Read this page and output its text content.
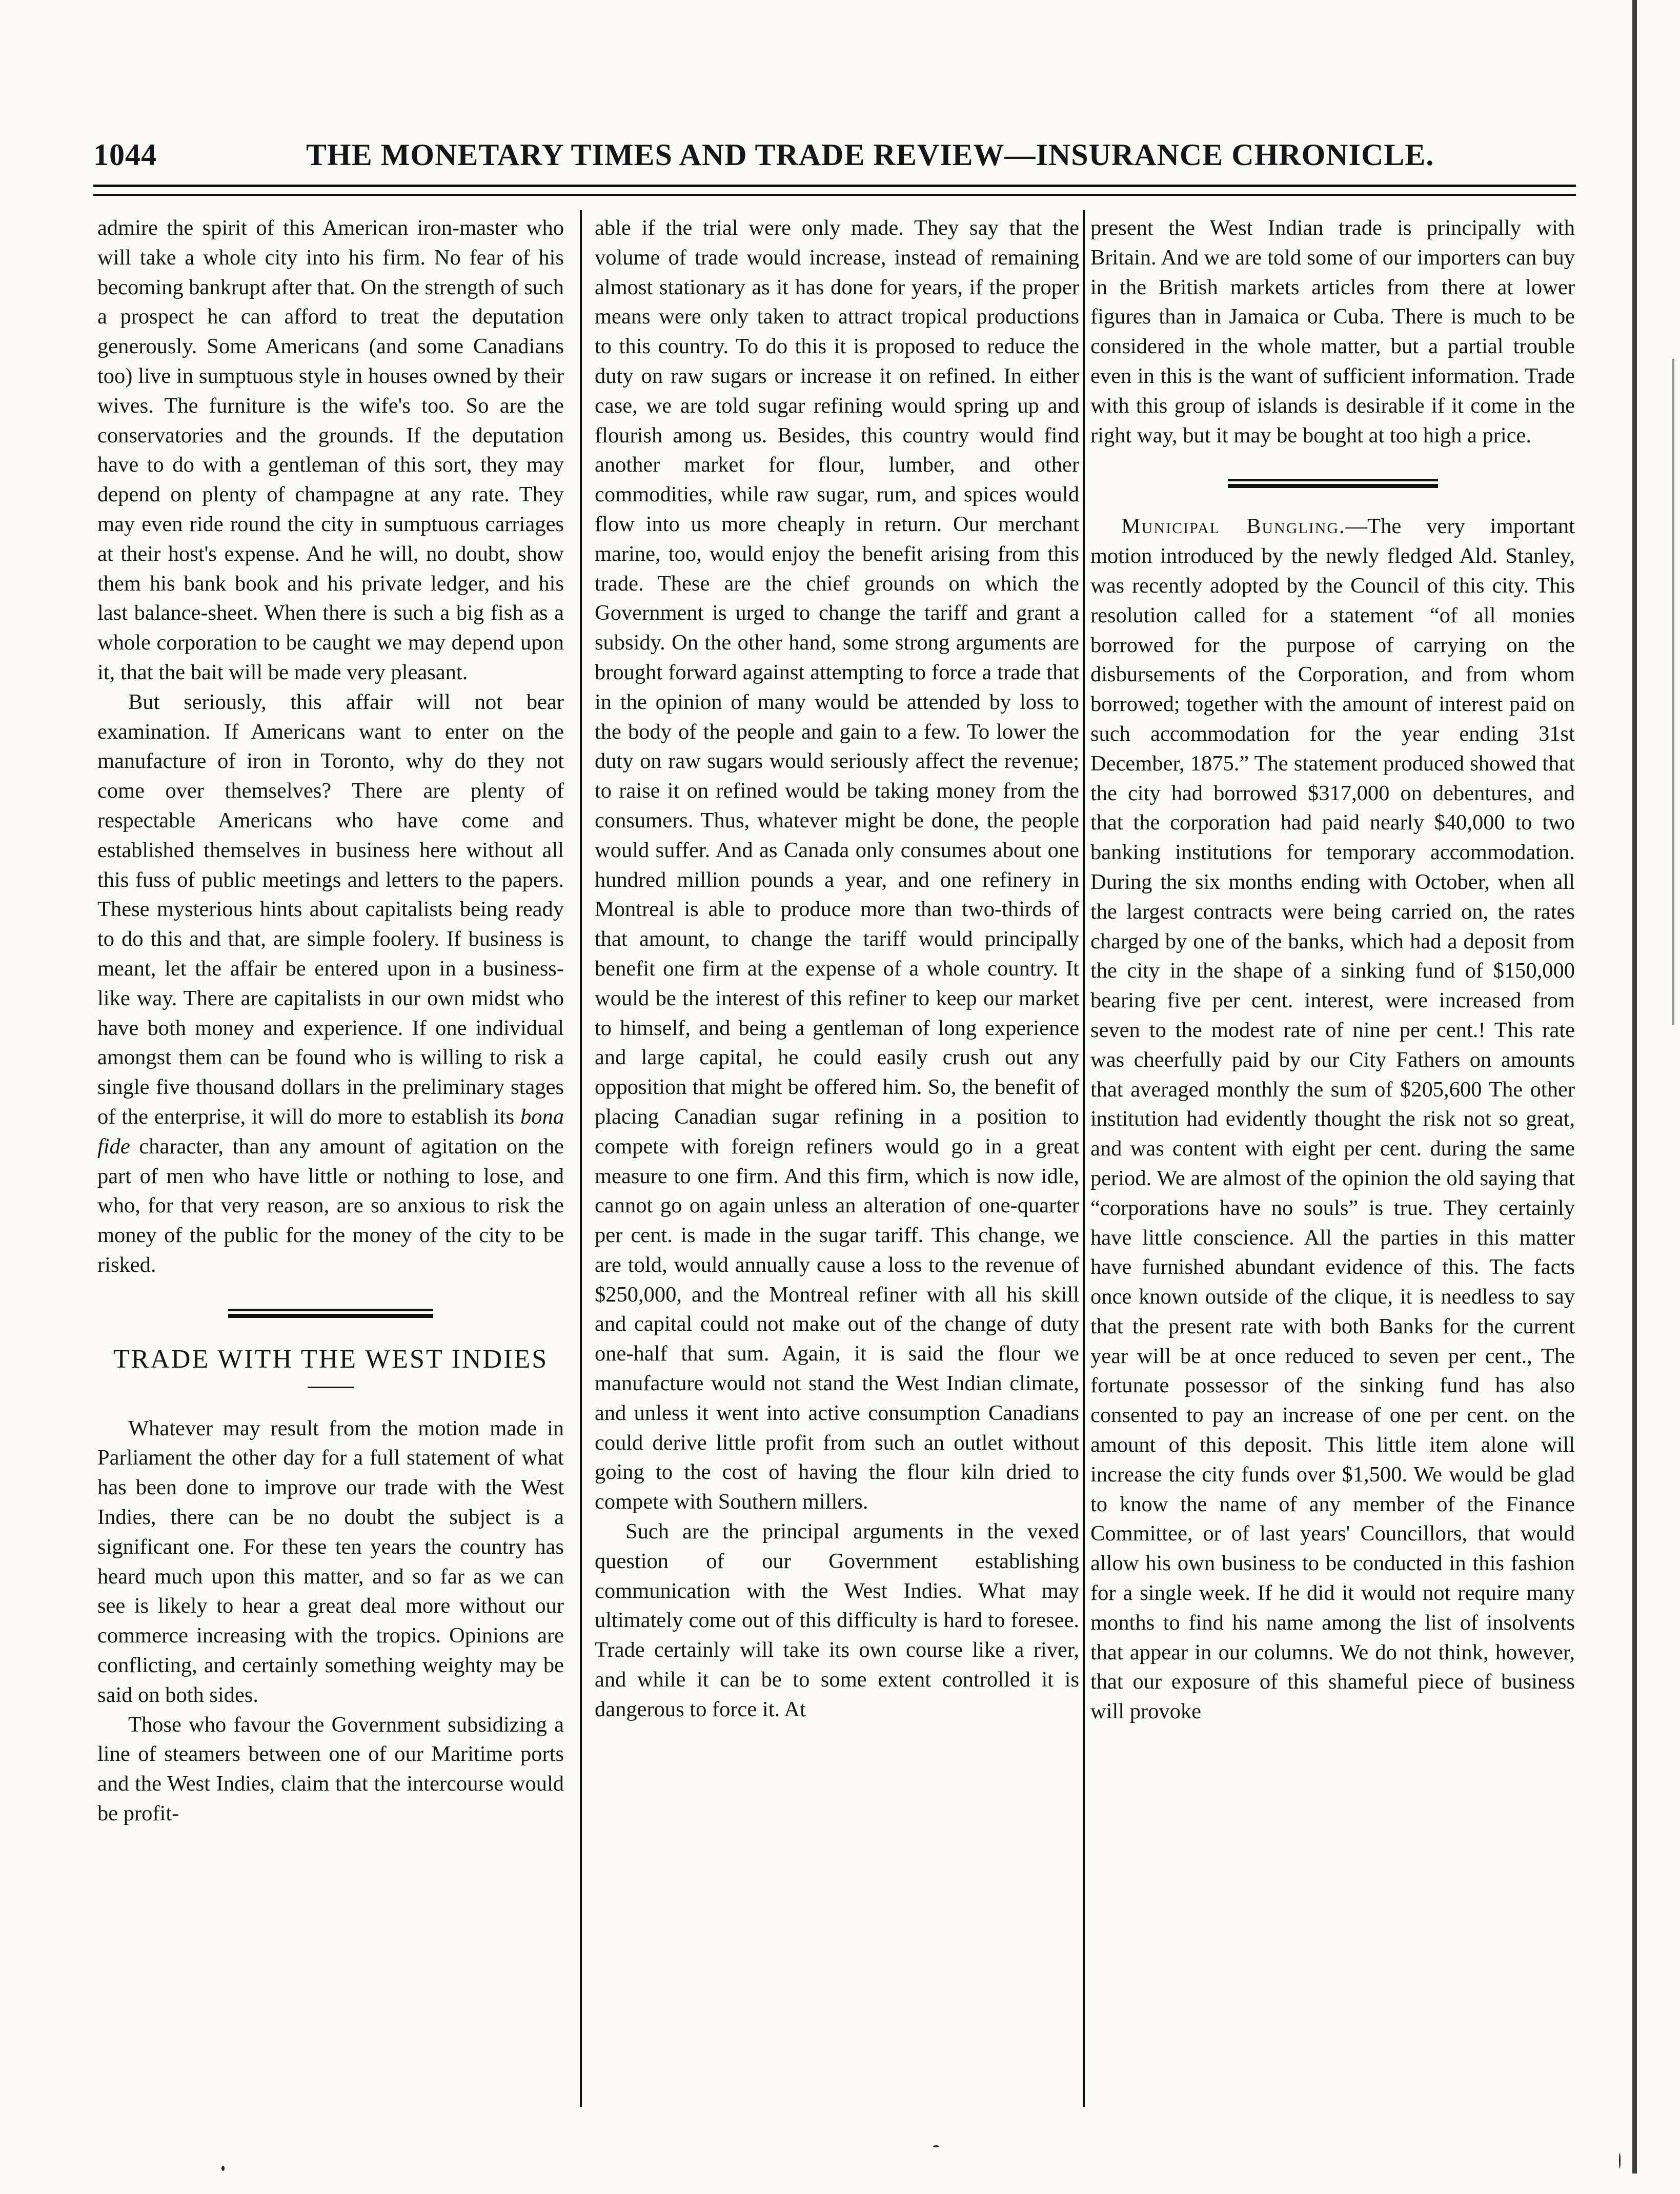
1044	THE MONETARY TIMES AND TRADE REVIEW—INSURANCE CHRONICLE.

admire the spirit of this American iron-master who will take a whole city into his firm. No fear of his becoming bankrupt after that. On the strength of such a prospect he can afford to treat the deputation generously. Some Americans (and some Canadians too) live in sumptuous style in houses owned by their wives. The furniture is the wife's too. So are the conservatories and the grounds. If the deputation have to do with a gentleman of this sort, they may depend on plenty of champagne at any rate. They may even ride round the city in sumptuous carriages at their host's expense. And he will, no doubt, show them his bank book and his private ledger, and his last balance-sheet. When there is such a big fish as a whole corporation to be caught we may depend upon it, that the bait will be made very pleasant.

But seriously, this affair will not bear examination. If Americans want to enter on the manufacture of iron in Toronto, why do they not come over themselves? There are plenty of respectable Americans who have come and established themselves in business here without all this fuss of public meetings and letters to the papers. These mysterious hints about capitalists being ready to do this and that, are simple foolery. If business is meant, let the affair be entered upon in a business-like way. There are capitalists in our own midst who have both money and experience. If one individual amongst them can be found who is willing to risk a single five thousand dollars in the preliminary stages of the enterprise, it will do more to establish its bona fide character, than any amount of agitation on the part of men who have little or nothing to lose, and who, for that very reason, are so anxious to risk the money of the public for the money of the city to be risked.

TRADE WITH THE WEST INDIES

Whatever may result from the motion made in Parliament the other day for a full statement of what has been done to improve our trade with the West Indies, there can be no doubt the subject is a significant one. For these ten years the country has heard much upon this matter, and so far as we can see is likely to hear a great deal more without our commerce increasing with the tropics. Opinions are conflicting, and certainly something weighty may be said on both sides.

Those who favour the Government subsidizing a line of steamers between one of our Maritime ports and the West Indies, claim that the intercourse would be profit-

able if the trial were only made. They say that the volume of trade would increase, instead of remaining almost stationary as it has done for years, if the proper means were only taken to attract tropical productions to this country. To do this it is proposed to reduce the duty on raw sugars or increase it on refined. In either case, we are told sugar refining would spring up and flourish among us. Besides, this country would find another market for flour, lumber, and other commodities, while raw sugar, rum, and spices would flow into us more cheaply in return. Our merchant marine, too, would enjoy the benefit arising from this trade. These are the chief grounds on which the Government is urged to change the tariff and grant a subsidy. On the other hand, some strong arguments are brought forward against attempting to force a trade that in the opinion of many would be attended by loss to the body of the people and gain to a few. To lower the duty on raw sugars would seriously affect the revenue; to raise it on refined would be taking money from the consumers. Thus, whatever might be done, the people would suffer. And as Canada only consumes about one hundred million pounds a year, and one refinery in Montreal is able to produce more than two-thirds of that amount, to change the tariff would principally benefit one firm at the expense of a whole country. It would be the interest of this refiner to keep our market to himself, and being a gentleman of long experience and large capital, he could easily crush out any opposition that might be offered him. So, the benefit of placing Canadian sugar refining in a position to compete with foreign refiners would go in a great measure to one firm. And this firm, which is now idle, cannot go on again unless an alteration of one-quarter per cent. is made in the sugar tariff. This change, we are told, would annually cause a loss to the revenue of $250,000, and the Montreal refiner with all his skill and capital could not make out of the change of duty one-half that sum. Again, it is said the flour we manufacture would not stand the West Indian climate, and unless it went into active consumption Canadians could derive little profit from such an outlet without going to the cost of having the flour kiln dried to compete with Southern millers.

Such are the principal arguments in the vexed question of our Government establishing communication with the West Indies. What may ultimately come out of this difficulty is hard to foresee. Trade certainly will take its own course like a river, and while it can be to some extent controlled it is dangerous to force it. At

present the West Indian trade is principally with Britain. And we are told some of our importers can buy in the British markets articles from there at lower figures than in Jamaica or Cuba. There is much to be considered in the whole matter, but a partial trouble even in this is the want of sufficient information. Trade with this group of islands is desirable if it come in the right way, but it may be bought at too high a price.

Municipal Bungling.—The very important motion introduced by the newly fledged Ald. Stanley, was recently adopted by the Council of this city. This resolution called for a statement “of all monies borrowed for the purpose of carrying on the disbursements of the Corporation, and from whom borrowed; together with the amount of interest paid on such accommodation for the year ending 31st December, 1875.” The statement produced showed that the city had borrowed $317,000 on debentures, and that the corporation had paid nearly $40,000 to two banking institutions for temporary accommodation. During the six months ending with October, when all the largest contracts were being carried on, the rates charged by one of the banks, which had a deposit from the city in the shape of a sinking fund of $150,000 bearing five per cent. interest, were increased from seven to the modest rate of nine per cent.! This rate was cheerfully paid by our City Fathers on amounts that averaged monthly the sum of $205,600 The other institution had evidently thought the risk not so great, and was content with eight per cent. during the same period. We are almost of the opinion the old saying that “corporations have no souls” is true. They certainly have little conscience. All the parties in this matter have furnished abundant evidence of this. The facts once known outside of the clique, it is needless to say that the present rate with both Banks for the current year will be at once reduced to seven per cent., The fortunate possessor of the sinking fund has also consented to pay an increase of one per cent. on the amount of this deposit. This little item alone will increase the city funds over $1,500. We would be glad to know the name of any member of the Finance Committee, or of last years' Councillors, that would allow his own business to be conducted in this fashion for a single week. If he did it would not require many months to find his name among the list of insolvents that appear in our columns. We do not think, however, that our exposure of this shameful piece of business will provoke
